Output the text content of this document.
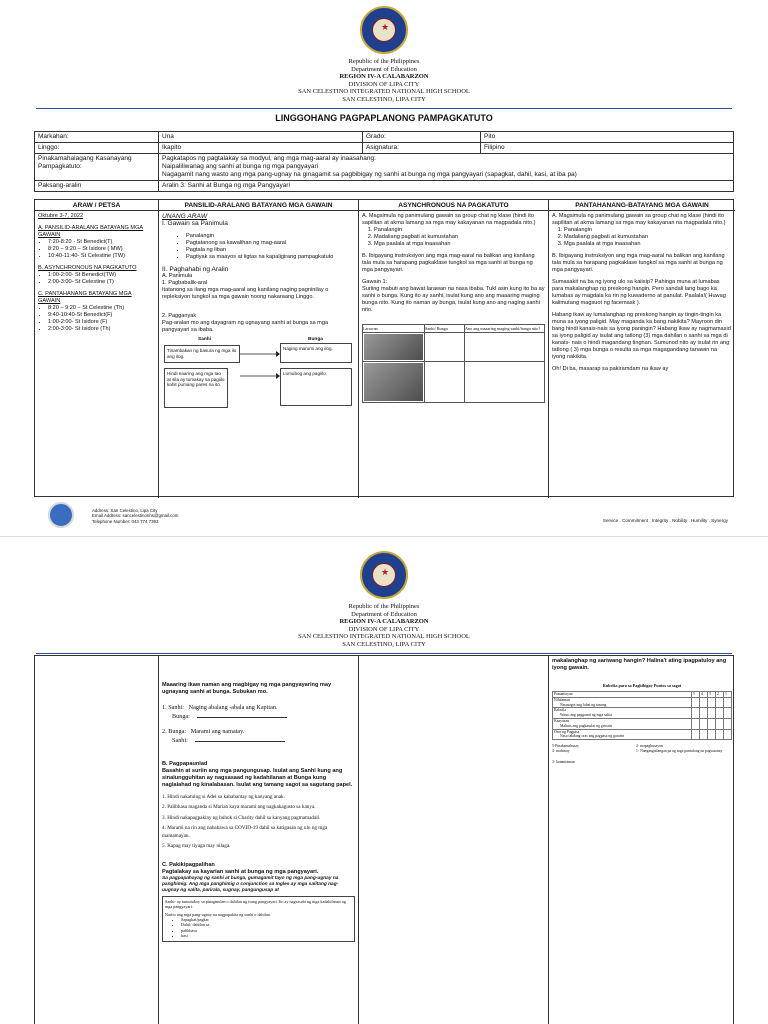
★
Republic of the Philippines
Department of Education
REGION IV-A CALABARZON
DIVISION OF LIPA CITY
SAN CELESTINO INTEGRATED NATIONAL HIGH SCHOOL
SAN CELESTINO, LIPA CITY
LINGGOHANG PAGPAPLANONG PAMPAGKATUTO
Markahan:	Una	Grado:	Pito
Linggo:	Ikapito	Asignatura:	Filipino
Pinakamahalagang Kasanayang Pampagkatuto:	Pagkatapos ng pagtalakay sa modyul, ang mga mag-aaral ay inaasahang:
Naipaliliwanag ang sanhi at bunga ng mga pangyayari
Nagagamit nang wasto ang mga pang-ugnay na ginagamit sa pagbibigay ng sanhi at bunga ng mga pangyayari (sapagkat, dahil, kasi, at iba pa)		

Paksang-aralin	Aralin 3: Sanhi at Bunga ng mga Pangyayari		
ARAW / PETSA
Oktubre 3-7, 2022
A. PANSILID-ARALANG BATAYANG MGA GAWAIN
• 7:20-8:20 - St Benedict(T)
• 8:20 – 9:20 – St Isidore ( MW)
• 10:40-11:40- St Celestine (TW)
B. ASYNCHRONOUS NA PAGKATUTO
• 1:00-2:00- St Benedict(TW)
• 2:00-3:00- St Celestine (T)
C. PANTAHANANG BATAYANG MGA GAWAIN
• 8:20 – 9:20 – St Celestine (Th)
• 9:40-10:40-St Benedict(F)
• 1:00-2:00- St Isidore (F)
• 2:00-3:00- St Isidore (Th)
PANSILID-ARALANG BATAYANG MGA GAWAIN
UNANG ARAW
I. Gawain sa Panimula
• Panalangin
• Pagtatanong sa kawalihan ng mag-aaral
• Pagtala ng liban
• Pagtiyak sa maayos at ligtas na kapaligirang pampagkatuto
II. Paghahabi ng Aralin
A. Panimula
1. Pagbabalik-aral
Itatanong sa ilang mga mag-aaral ang kanilang naging pagninilay o repleksiyon tungkol sa mga gawain noong nakaraang Linggo.
2. Pagganyak
Pag-aralan mo ang dayagram ng ugnayang sanhi at bunga sa mga pangyayari sa ibaba.
Sanhi	Bunga
Tinambakan ng basura ng mga ilo ang ilog.
Naging marumi ang ilog.
Hindi naaring ang mga tao at sila ay tumakay sa pagiilo kahit pumang pares na ito.
Lumubog ang pagiilo.
ASYNCHRONOUS NA PAGKATUTO
A. Magsimula ng panimulang gawain sa group chat ng klase (hindi ito sapilitan at akma lamang sa mga may kakayanan na magpadala nito.)
1. Panalangin
2. Madaliang pagbati at kumustahan
3. Mga paalala at mga inaasahan
B. Ibigayang instruksiyon ang mga mag-aaral na balikan ang kanilang tala mula sa harapang pagkaklase tungkol sa mga sanhi at bunga ng mga pangyayari.
Gawain 1:
Suriing mabuti ang bawat larawan na nasa ibaba. Tukl asin kung ito ba ay sanhi o bunga. Kung ito ay sanhi, isulat kung ano ang maaaring maging bunga nito. Kung ito naman ay bunga, isulat kung ano ang naging sanhi nito.
Larawan	Sanhi/ Bunga	Ano ang maaaring maging sanhi/bunga nito?

PANTAHANANG-BATAYANG MGA GAWAIN
A. Magsimula ng panimulang gawain sa group chat ng klase (hindi ito sapilitan at akma lamang sa mga may kakayanan na magpadala nito.)
1. Panalangin
2. Madaliang pagbati at kumustahan
3. Mga paalala at mga inaasahan
B. Ibigayang instruksiyon ang mga mag-aaral na balikan ang kanilang tala mula sa harapang pagkaklase tungkol sa mga sanhi at bunga ng mga pangyayari.
Sumasakit na ba ng iyong ulo sa kaiisip? Pahinga muna at lumabas para makalanghap ng preskong hangin. Pero sandali lang bago ka lumabas ay magdala ka rin ng kuwaderno at panulat. Paalala!( Huwag kalimutang magsuot ng facemask ).
Habang ikaw ay lumalanghap ng preskong hangin ay tingin-tingin ka muna sa iyong paligid. May maganda ka bang nakikita? Mayroon din bang hindi kanais-nais sa iyong paningin? Habang ikaw ay nagmamasid sa iyong paligid ay isulat ang tatlong (3) mga dahilan o sanhi sa mga di kanais- nais o hindi magandang tingnan. Sumunod nito ay isulat rin ang tatlong ( 3) mga bunga o resulta sa mga magagandang tanawin na iyong nakikita.
Oh! Di ba, masarap sa pakiramdam na ikaw ay
Address: San Celestino, Lipa City
Email Address: sancelestinonhs@gmail.com
Telephone Number: 043 774 7393	Service . Commitment . Integrity . Nobility . Humility . Synergy
★
Republic of the Philippines
Department of Education
REGION IV-A CALABARZON
DIVISION OF LIPA CITY
SAN CELESTINO INTEGRATED NATIONAL HIGH SCHOOL
SAN CELESTINO, LIPA CITY
Maaaring ikaw naman ang magbigay ng mga pangyayaring may ugnayang sanhi at bunga. Subukan mo.
1. Sanhi: Naging abalang -abala ang Kapitan.
Bunga:
2. Bunga: Marami ang namatay.
Sanhi:
B. Pagpapaunlad
Basahin at suriin ang mga pangungusap. Isulat ang Sanhi kung ang sinalungguhitan ay nagsasaad ng kadahilanan at Bunga kung naglalahad ng kinalabasan. Isulat ang tamang sagot sa sagutang papel.
1. Hindi nakatulog si Adel sa kababantay ng kanyang anak.
2. Palibhasa maganda si Marian kaya marami ang nagkakagusto sa kanya.
3. Hindi nakapagpaklay ng buhok si Charity dahil sa kanyang pagmamadali.
4. Marami na rin ang nababawa sa COVID-19 dahil sa katigasan ng ulo ng mga mamamayan.
5. Kapag may tiyaga may nilaga.
C. Pakikipagpalihan
Pagtalakay sa kayarian sanhi at bunga ng mga pangyayari.
Sa pagpapahayag ng sanhi at bunga, gumagamit tayo ng mga pang-ugnay na panghimig. Ang mga panghimig o conjunction sa Ingles ay mga salitang nag-uugnay ng salita, parirala, sugnay, pangungusap at
Sanhi- ay tumutukoy sa pinagmulan o dahilan ng isang pangyayari. Ito ay nagsasabi ng mga kadahilanan ng mga pangyayari.
Narito ang mga pang-ugnay na nagpapakita ng sanhi o dahilan.
• Sapagkat/pagkat
• Dahil/ dahilan sa
• palibhasa
• kasi
makalanghap ng sariwang hangin? Halina't ating ipagpatuloy ang iyong gawain.
Rubriks para sa Pagbibigay Puntos sa sagot
Pamantayan	5	4	3	2	1

Nilalaman
Nasasagot ang lahat ng tanong					

Balarila
Wasto ang paggamit ng mga salita					

Kaayusan
Malinis ang pagkasulat ng gawain					

Oras ng Pagpasa
Nasa takdang oras ang pagpasa ng gawain					

5-Pinakamahusay	2- mapaghusayan
4- mahusay	1- Nangangailangan pa ng mga pantulong na pagsasanay
3- katamtaman
